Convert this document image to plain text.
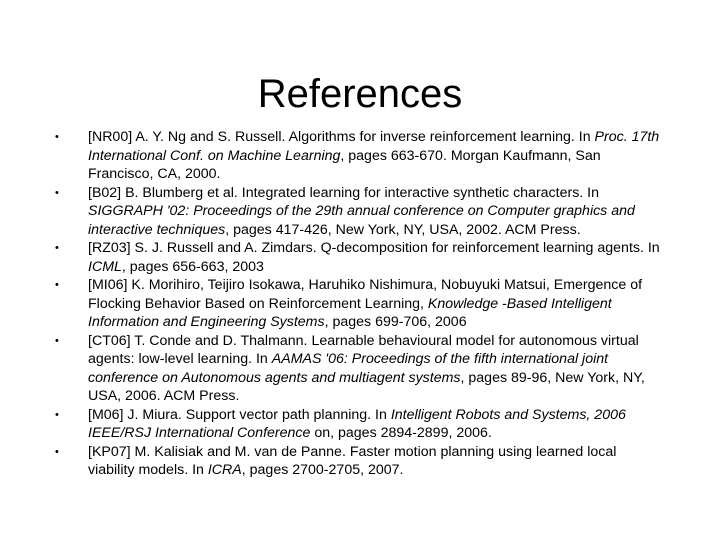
References
• [NR00] A. Y. Ng and S. Russell. Algorithms for inverse reinforcement learning. In Proc. 17th International Conf. on Machine Learning, pages 663-670. Morgan Kaufmann, San Francisco, CA, 2000.
• [B02] B. Blumberg et al. Integrated learning for interactive synthetic characters. In SIGGRAPH '02: Proceedings of the 29th annual conference on Computer graphics and interactive techniques, pages 417-426, New York, NY, USA, 2002. ACM Press.
• [RZ03] S. J. Russell and A. Zimdars. Q-decomposition for reinforcement learning agents. In ICML, pages 656-663, 2003
• [MI06] K. Morihiro, Teijiro Isokawa, Haruhiko Nishimura, Nobuyuki Matsui, Emergence of Flocking Behavior Based on Reinforcement Learning, Knowledge -Based Intelligent Information and Engineering Systems, pages 699-706, 2006
• [CT06] T. Conde and D. Thalmann. Learnable behavioural model for autonomous virtual agents: low-level learning. In AAMAS '06: Proceedings of the fifth international joint conference on Autonomous agents and multiagent systems, pages 89-96, New York, NY, USA, 2006. ACM Press.
• [M06] J. Miura. Support vector path planning. In Intelligent Robots and Systems, 2006 IEEE/RSJ International Conference on, pages 2894-2899, 2006.
• [KP07] M. Kalisiak and M. van de Panne. Faster motion planning using learned local viability models. In ICRA, pages 2700-2705, 2007.
